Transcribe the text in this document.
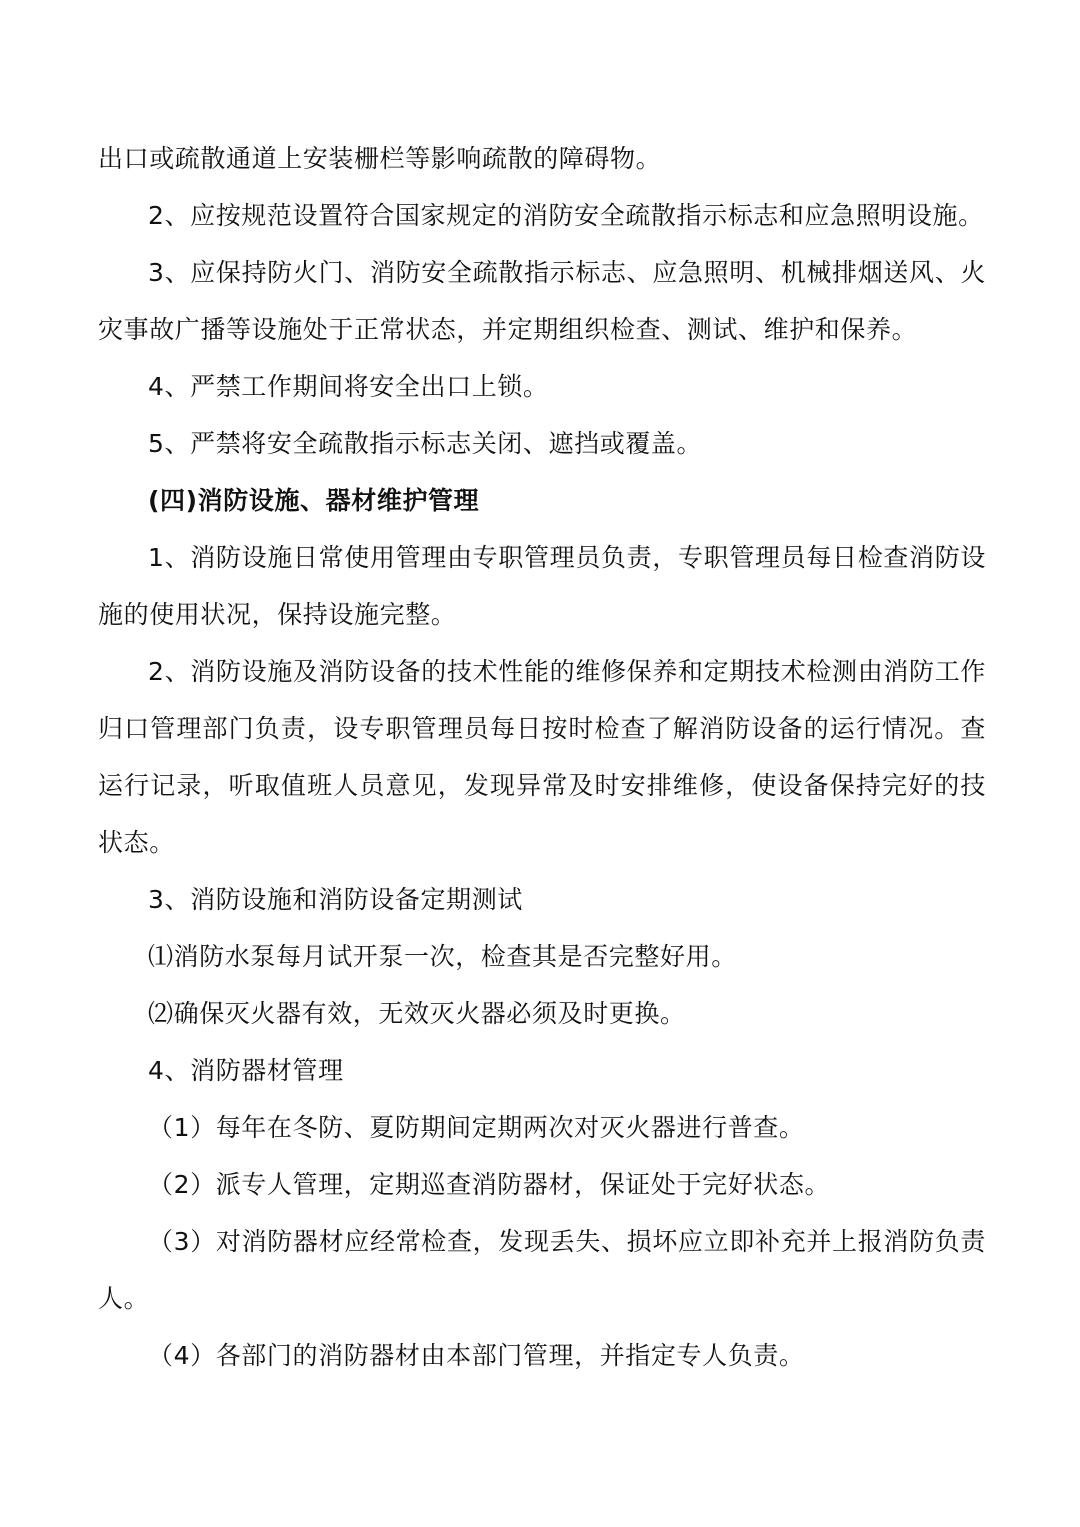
出口或疏散通道上安装栅栏等影响疏散的障碍物。
2、应按规范设置符合国家规定的消防安全疏散指示标志和应急照明设施。
3、应保持防火门、消防安全疏散指示标志、应急照明、机械排烟送风、火
灾事故广播等设施处于正常状态，并定期组织检查、测试、维护和保养。
4、严禁工作期间将安全出口上锁。
5、严禁将安全疏散指示标志关闭、遮挡或覆盖。
(四)消防设施、器材维护管理
1、消防设施日常使用管理由专职管理员负责，专职管理员每日检查消防设
施的使用状况，保持设施完整。
2、消防设施及消防设备的技术性能的维修保养和定期技术检测由消防工作
归口管理部门负责，设专职管理员每日按时检查了解消防设备的运行情况。查
运行记录，听取值班人员意见，发现异常及时安排维修，使设备保持完好的技
状态。
3、消防设施和消防设备定期测试
⑴消防水泵每月试开泵一次，检查其是否完整好用。
⑵确保灭火器有效，无效灭火器必须及时更换。
4、消防器材管理
（1）每年在冬防、夏防期间定期两次对灭火器进行普查。
（2）派专人管理，定期巡查消防器材，保证处于完好状态。
（3）对消防器材应经常检查，发现丢失、损坏应立即补充并上报消防负责
人。
（4）各部门的消防器材由本部门管理，并指定专人负责。
